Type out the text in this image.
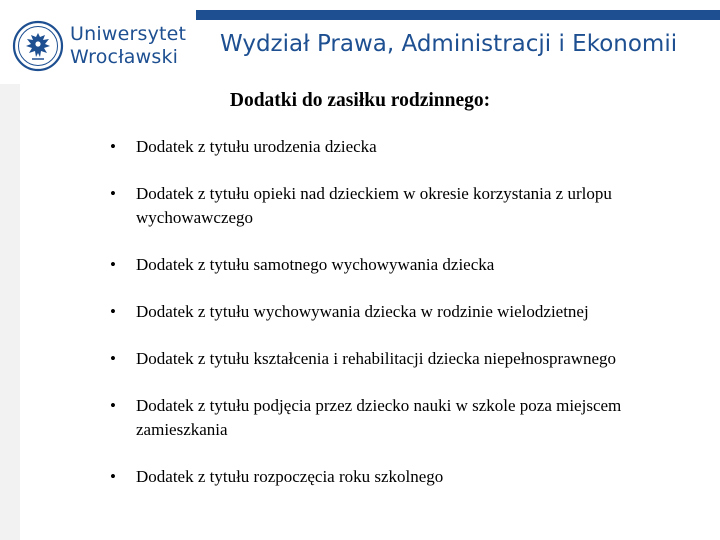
Uniwersytet
Wrocławski	Wydział Prawa, Administracji i Ekonomii
Dodatki do zasiłku rodzinnego:
• Dodatek z tytułu urodzenia dziecka
• Dodatek z tytułu opieki nad dzieckiem w okresie korzystania z urlopu wychowawczego
• Dodatek z tytułu samotnego wychowywania dziecka
• Dodatek z tytułu wychowywania dziecka w rodzinie wielodzietnej
• Dodatek z tytułu kształcenia i rehabilitacji dziecka niepełnosprawnego
• Dodatek z tytułu podjęcia przez dziecko nauki w szkole poza miejscem zamieszkania
• Dodatek z tytułu rozpoczęcia roku szkolnego
